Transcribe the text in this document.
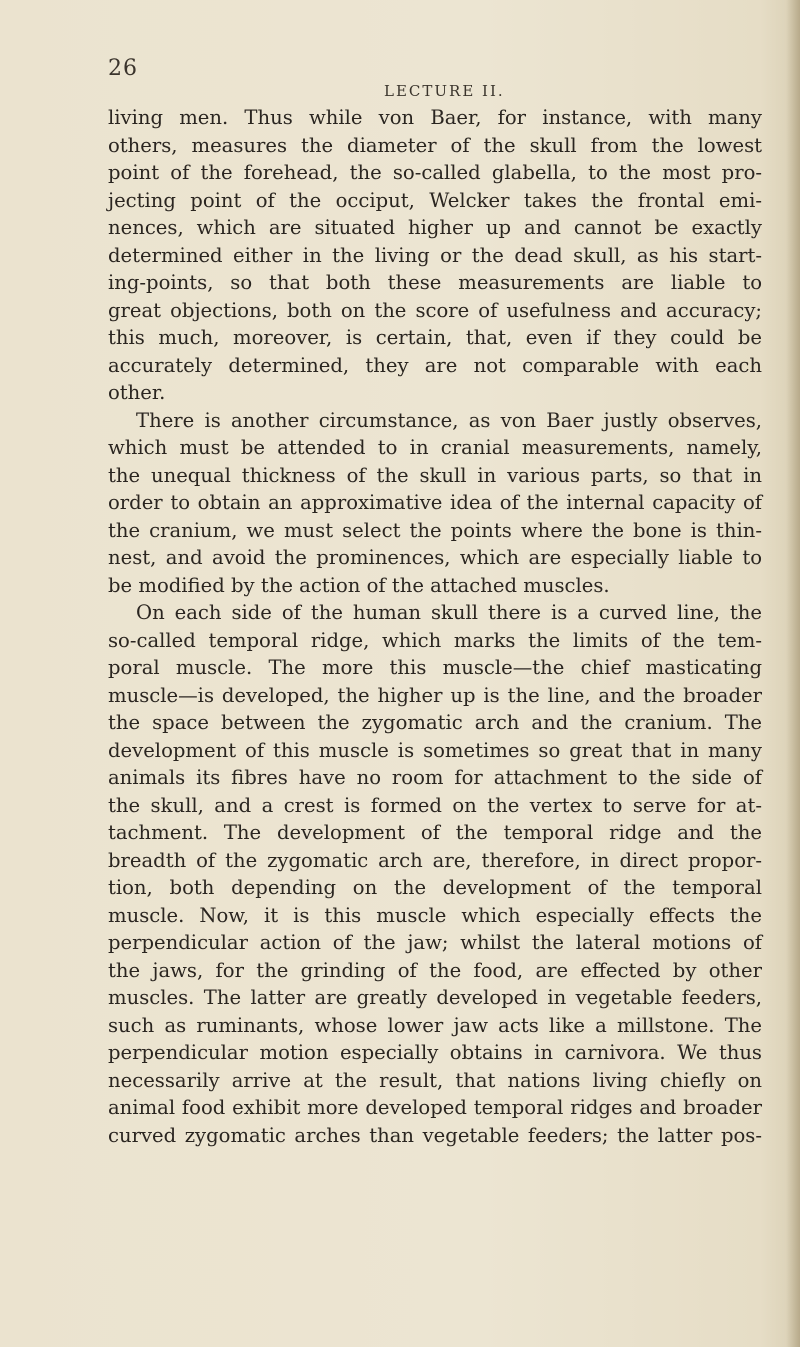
26
LECTURE II.
living men. Thus while von Baer, for instance, with many
others, measures the diameter of the skull from the lowest
point of the forehead, the so-called glabella, to the most pro-
jecting point of the occiput, Welcker takes the frontal emi-
nences, which are situated higher up and cannot be exactly
determined either in the living or the dead skull, as his start-
ing-points, so that both these measurements are liable to
great objections, both on the score of usefulness and accuracy;
this much, moreover, is certain, that, even if they could be
accurately determined, they are not comparable with each
other.
There is another circumstance, as von Baer justly observes,
which must be attended to in cranial measurements, namely,
the unequal thickness of the skull in various parts, so that in
order to obtain an approximative idea of the internal capacity of
the cranium, we must select the points where the bone is thin-
nest, and avoid the prominences, which are especially liable to
be modified by the action of the attached muscles.
On each side of the human skull there is a curved line, the
so-called temporal ridge, which marks the limits of the tem-
poral muscle. The more this muscle—the chief masticating
muscle—is developed, the higher up is the line, and the broader
the space between the zygomatic arch and the cranium. The
development of this muscle is sometimes so great that in many
animals its fibres have no room for attachment to the side of
the skull, and a crest is formed on the vertex to serve for at-
tachment. The development of the temporal ridge and the
breadth of the zygomatic arch are, therefore, in direct propor-
tion, both depending on the development of the temporal
muscle. Now, it is this muscle which especially effects the
perpendicular action of the jaw; whilst the lateral motions of
the jaws, for the grinding of the food, are effected by other
muscles. The latter are greatly developed in vegetable feeders,
such as ruminants, whose lower jaw acts like a millstone. The
perpendicular motion especially obtains in carnivora. We thus
necessarily arrive at the result, that nations living chiefly on
animal food exhibit more developed temporal ridges and broader
curved zygomatic arches than vegetable feeders; the latter pos-
